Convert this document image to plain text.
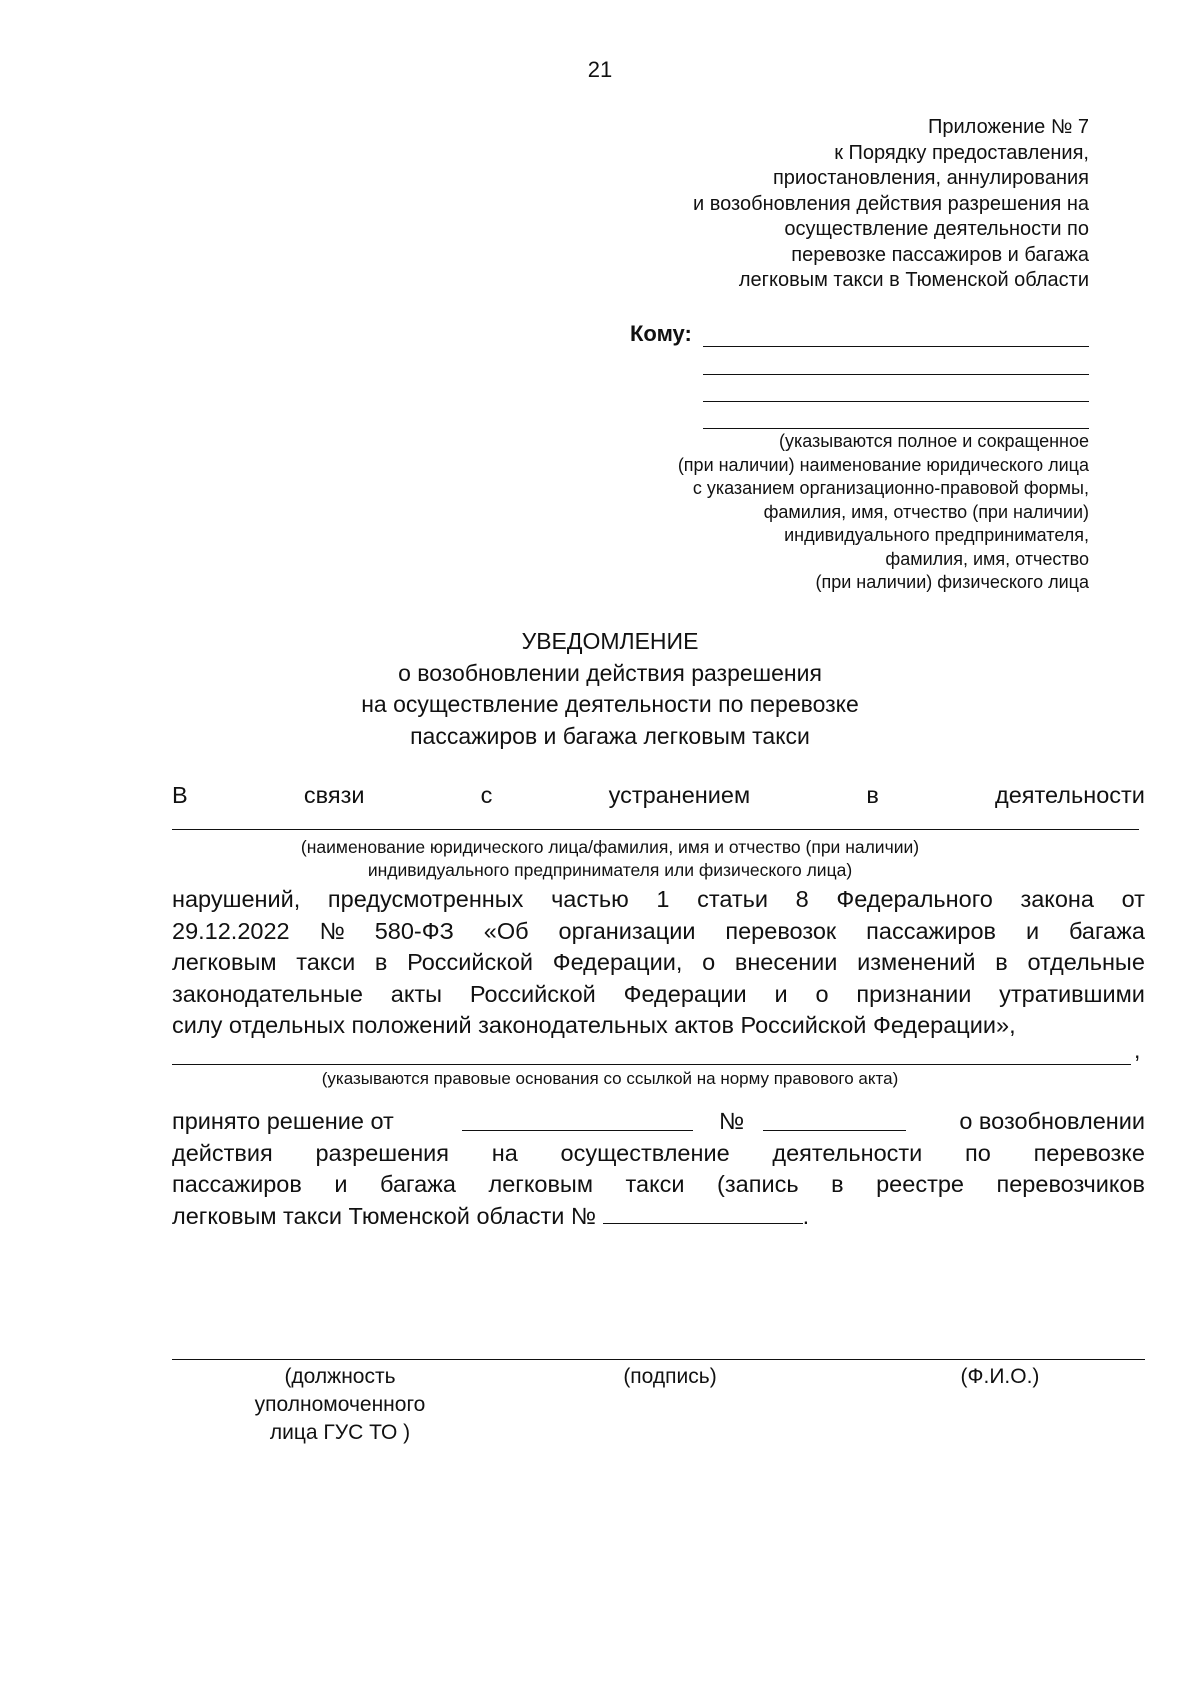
21
Приложение № 7
к Порядку предоставления,
приостановления, аннулирования
и возобновления действия разрешения на
осуществление деятельности по
перевозке пассажиров и багажа
легковым такси в Тюменской области
Кому:
(указываются полное и сокращенное
(при наличии) наименование юридического лица
с указанием организационно-правовой формы,
фамилия, имя, отчество (при наличии)
индивидуального предпринимателя,
фамилия, имя, отчество
(при наличии) физического лица
УВЕДОМЛЕНИЕ
о возобновлении действия разрешения
на осуществление деятельности по перевозке
пассажиров и багажа легковым такси
В	связи	с	устранением	в	деятельности
(наименование юридического лица/фамилия, имя и отчество (при наличии)
индивидуального предпринимателя или физического лица)
нарушений, предусмотренных частью 1 статьи 8 Федерального закона от
29.12.2022 № 580-ФЗ «Об организации перевозок пассажиров и багажа
легковым такси в Российской Федерации, о внесении изменений в отдельные
законодательные акты Российской Федерации и о признании утратившими
силу отдельных положений законодательных актов Российской Федерации»,
,
(указываются правовые основания со ссылкой на норму правового акта)
принято решение от	№	о возобновлении
действия разрешения на осуществление деятельности по перевозке
пассажиров и багажа легковым такси (запись в реестре перевозчиков
легковым такси Тюменской области №	.
(должность
уполномоченного
лица ГУС ТО )
(подпись)	(Ф.И.О.)
